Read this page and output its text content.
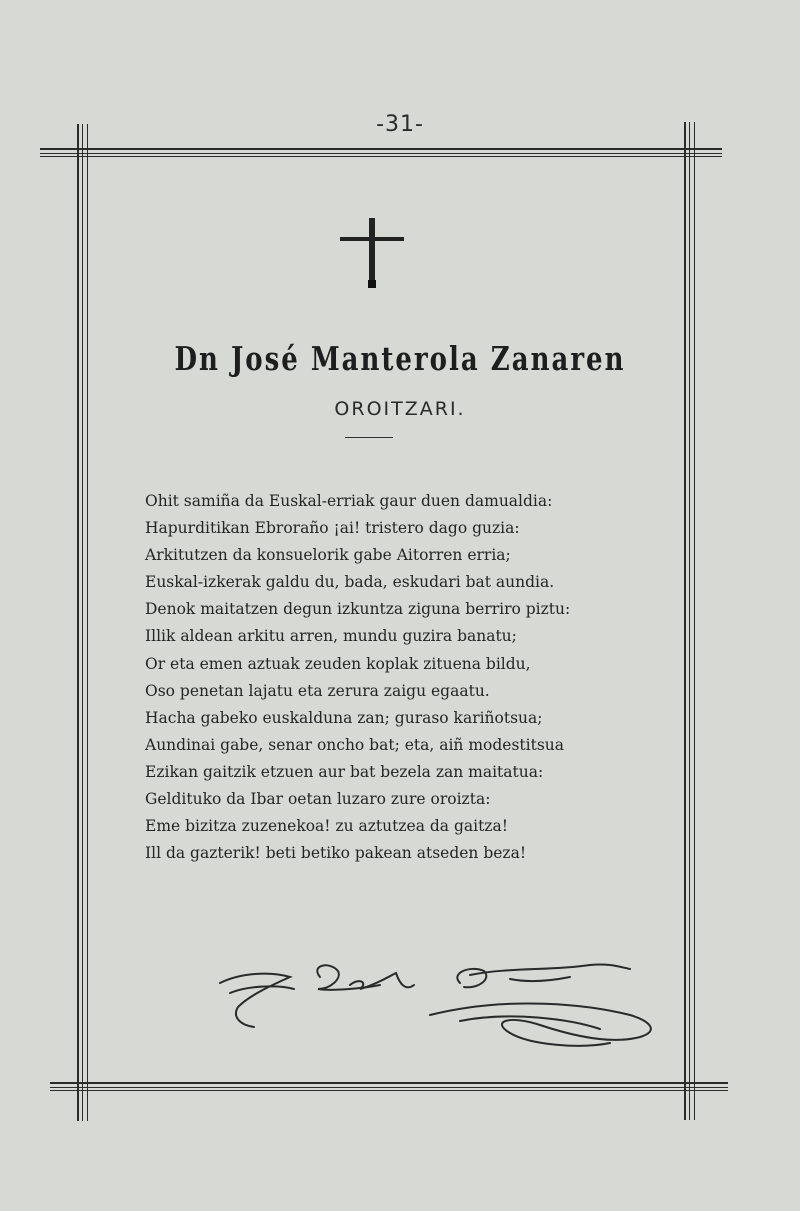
-31-
Dn José Manterola Zanaren
OROITZARI.
Ohit samiña da Euskal-erriak gaur duen damualdia:
Hapurditikan Ebroraño ¡ai! tristero dago guzia:
Arkitutzen da konsuelorik gabe Aitorren erria;
Euskal-izkerak galdu du, bada, eskudari bat aundia.
Denok maitatzen degun izkuntza ziguna berriro piztu:
Illik aldean arkitu arren, mundu guzira banatu;
Or eta emen aztuak zeuden koplak zituena bildu,
Oso penetan lajatu eta zerura zaigu egaatu.
Hacha gabeko euskalduna zan; guraso kariñotsua;
Aundinai gabe, senar oncho bat; eta, aiñ modestitsua
Ezikan gaitzik etzuen aur bat bezela zan maitatua:
Geldituko da Ibar oetan luzaro zure oroizta:
Eme bizitza zuzenekoa! zu aztutzea da gaitza!
Ill da gazterik! beti betiko pakean atseden beza!
